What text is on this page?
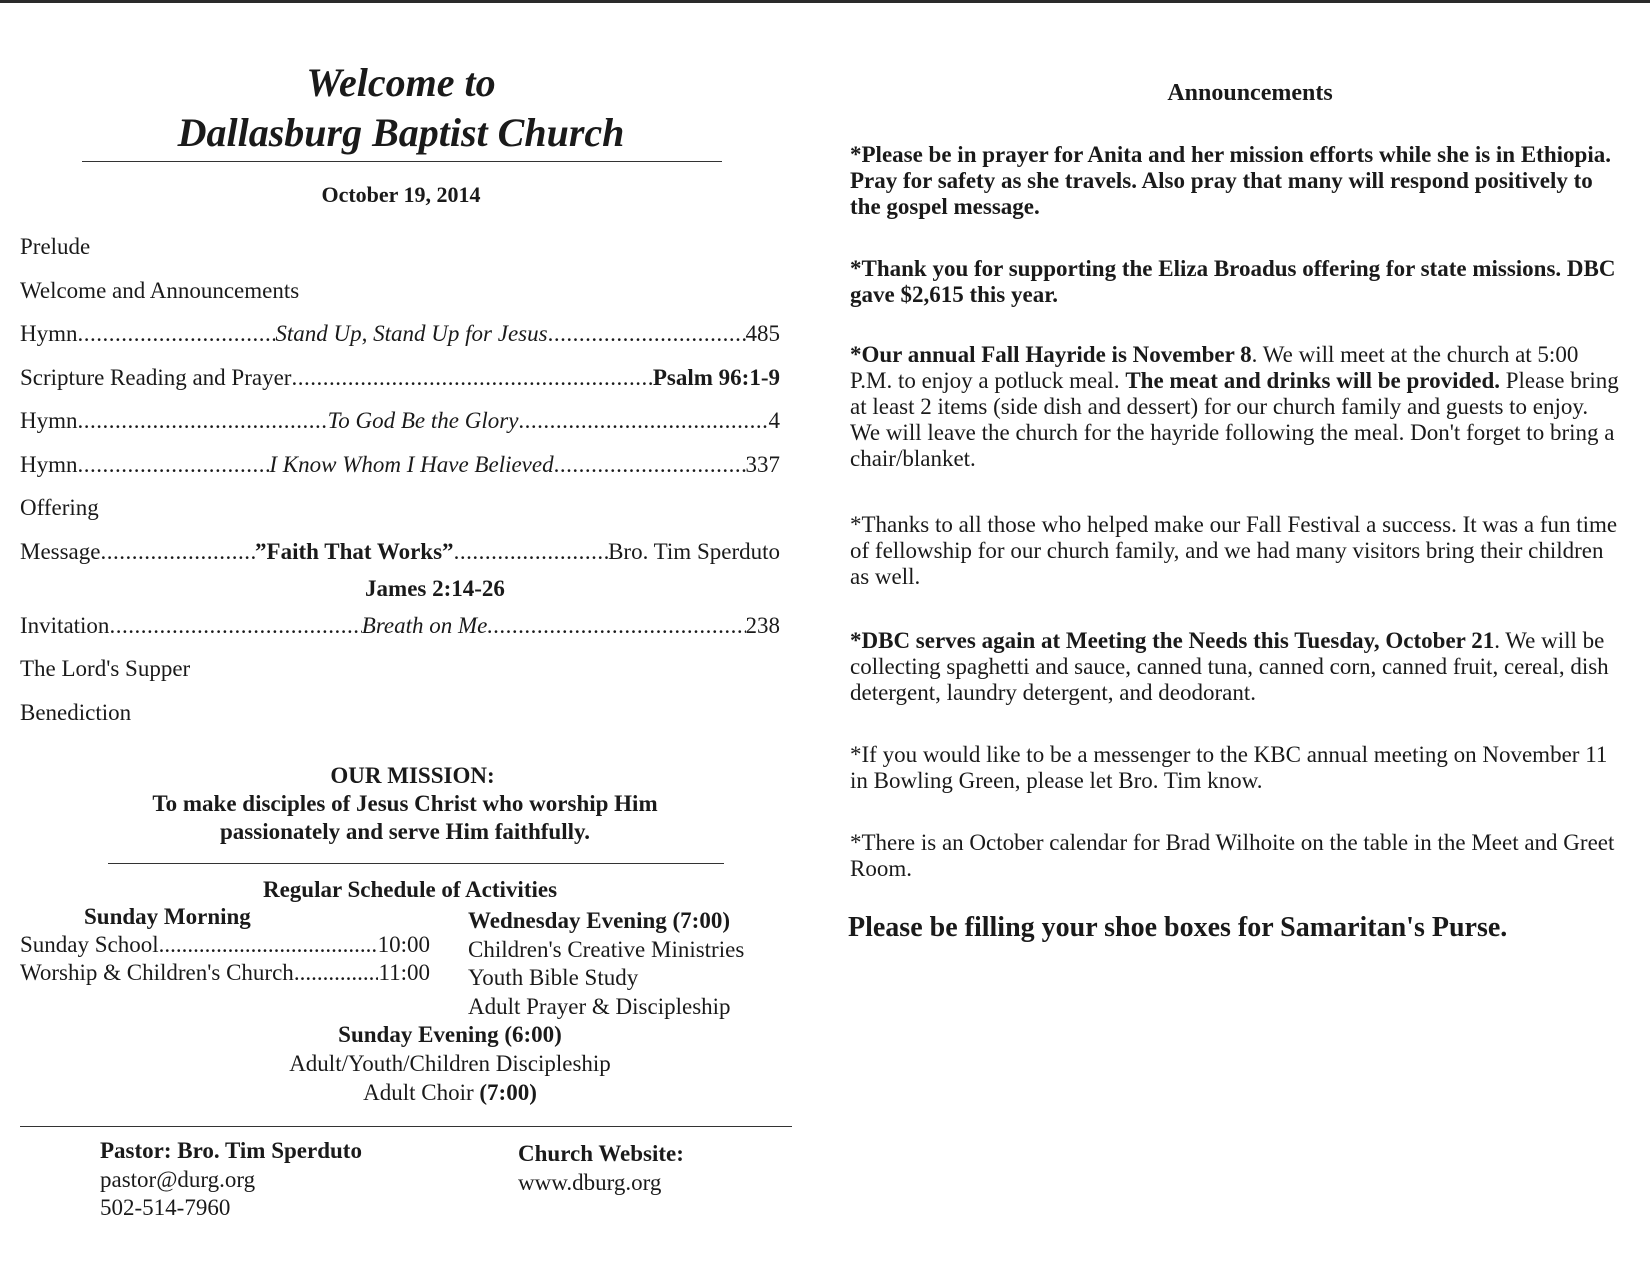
Welcome to
Dallasburg Baptist Church
October 19, 2014
Prelude
Welcome and Announcements
Hymn .....	Stand Up, Stand Up for Jesus .....	485
Scripture Reading and Prayer .....	Psalm 96:1-9
Hymn .....	To God Be the Glory .....	4
Hymn .....	I Know Whom I Have Believed .....	337
Offering
Message .....	”Faith That Works” .....	Bro. Tim Sperduto
James 2:14-26
Invitation .....	Breath on Me. .....	238
The Lord's Supper
Benediction
OUR MISSION:
To make disciples of Jesus Christ who worship Him
passionately and serve Him faithfully.
Regular Schedule of Activities
Sunday Morning
Sunday School .....	10:00
Worship & Children's Church .....	11:00
Wednesday Evening (7:00)
Children's Creative Ministries
Youth Bible Study
Adult Prayer & Discipleship
Sunday Evening (6:00)
Adult/Youth/Children Discipleship
Adult Choir (7:00)
Pastor: Bro. Tim Sperduto
pastor@durg.org
502-514-7960
Church Website:
www.dburg.org
Announcements
*Please be in prayer for Anita and her mission efforts while she is in Ethiopia. Pray for safety as she travels. Also pray that many will respond positively to the gospel message.
*Thank you for supporting the Eliza Broadus offering for state missions. DBC gave $2,615 this year.
*Our annual Fall Hayride is November 8. We will meet at the church at 5:00 P.M. to enjoy a potluck meal. The meat and drinks will be provided. Please bring at least 2 items (side dish and dessert) for our church family and guests to enjoy. We will leave the church for the hayride following the meal. Don't forget to bring a chair/blanket.
*Thanks to all those who helped make our Fall Festival a success. It was a fun time of fellowship for our church family, and we had many visitors bring their children as well.
*DBC serves again at Meeting the Needs this Tuesday, October 21. We will be collecting spaghetti and sauce, canned tuna, canned corn, canned fruit, cereal, dish detergent, laundry detergent, and deodorant.
*If you would like to be a messenger to the KBC annual meeting on November 11 in Bowling Green, please let Bro. Tim know.
*There is an October calendar for Brad Wilhoite on the table in the Meet and Greet Room.
Please be filling your shoe boxes for Samaritan's Purse.
